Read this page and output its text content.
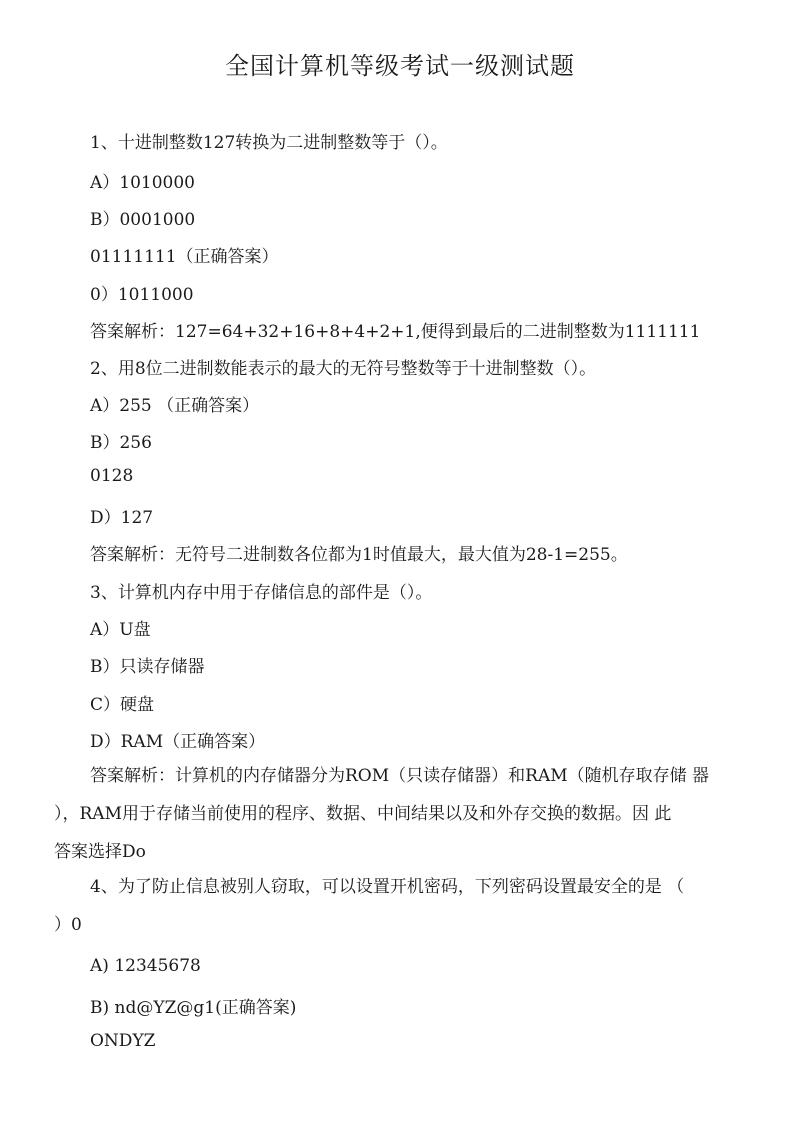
全国计算机等级考试一级测试题
1、十进制整数127转换为二进制整数等于（）。
A）1010000
B）0001000
01111111（正确答案）
0）1011000
答案解析：127=64+32+16+8+4+2+1,便得到最后的二进制整数为1111111
2、用8位二进制数能表示的最大的无符号整数等于十进制整数（）。
A）255 （正确答案）
B）256
0128
D）127
答案解析：无符号二进制数各位都为1时值最大，最大值为28-1=255。
3、计算机内存中用于存储信息的部件是（）。
A）U盘
B）只读存储器
C）硬盘
D）RAM（正确答案）
答案解析：计算机的内存储器分为ROM（只读存储器）和RAM（随机存取存储 器
），RAM用于存储当前使用的程序、数据、中间结果以及和外存交换的数据。因 此
答案选择Do
4、为了防止信息被别人窃取，可以设置开机密码，下列密码设置最安全的是 （
）0
A) 12345678
B) nd@YZ@g1(正确答案)
ONDYZ
